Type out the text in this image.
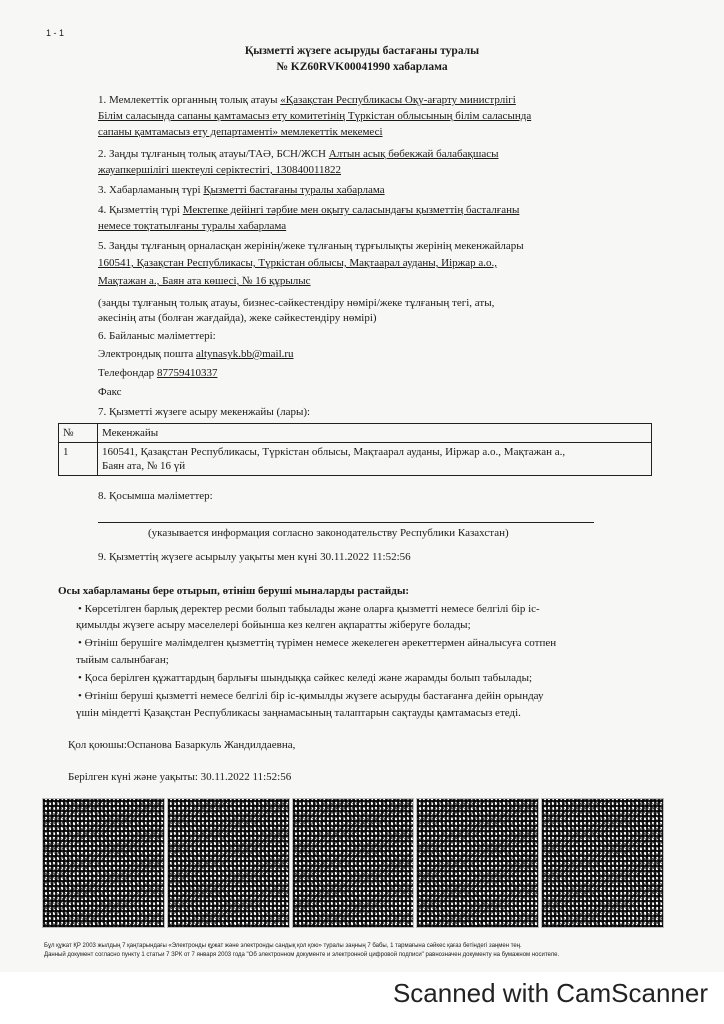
1 - 1
Қызметті жүзеге асыруды бастағаны туралы
№ KZ60RVK00041990 хабарлама
1. Мемлекеттік органның толық атауы «Қазақстан Республикасы Оқу-ағарту министрлігі
Білім саласында сапаны қамтамасыз ету комитетінің Түркістан облысының білім саласында
сапаны қамтамасыз ету департаменті» мемлекеттік мекемесі
2. Заңды тұлғаның толық атауы/ТАӘ, БСН/ЖСН Алтын асық бөбекжай балабақшасы
жауапкершілігі шектеулі серіктестігі, 130840011822
3. Хабарламаның түрі Қызметті бастағаны туралы хабарлама
4. Қызметтің түрі Мектепке дейінгі тәрбие мен оқыту саласындағы қызметтің басталғаны
немесе тоқтатылғаны туралы хабарлама
5. Заңды тұлғаның орналасқан жерінің/жеке тұлғаның тұрғылықты жерінің мекенжайлары
160541, Қазақстан Республикасы, Түркістан облысы, Мақтаарал ауданы, Иіржар а.о.,
Мақтажан а., Баян ата көшесі, № 16 құрылыс
(заңды тұлғаның толық атауы, бизнес-сәйкестендіру нөмірі/жеке тұлғаның тегі, аты,
әкесінің аты (болған жағдайда), жеке сәйкестендіру нөмірі)
6. Байланыс мәліметтері:
Электрондық пошта altynasyk.bb@mail.ru
Телефондар 87759410337
Факс
7. Қызметті жүзеге асыру мекенжайы (лары):
№	Мекенжайы
1	160541, Қазақстан Республикасы, Түркістан облысы, Мақтаарал ауданы, Иіржар а.о., Мақтажан а.,
Баян ата, № 16 үй
8. Қосымша мәліметтер:
(указывается информация согласно законодательству Республики Казахстан)
9. Қызметтің жүзеге асырылу уақыты мен күні 30.11.2022 11:52:56
Осы хабарламаны бере отырып, өтініш беруші мыналарды растайды:
• Көрсетілген барлық деректер ресми болып табылады және оларға қызметті немесе белгілі бір іс-
қимылды жүзеге асыру мәселелері бойынша кез келген ақпаратты жіберуге болады;
• Өтініш берушіге мәлімделген қызметтің түрімен немесе жекелеген әрекеттермен айналысуға сотпен
тыйым салынбаған;
• Қоса берілген құжаттардың барлығы шындыққа сәйкес келеді және жарамды болып табылады;
• Өтініш беруші қызметті немесе белгілі бір іс-қимылды жүзеге асыруды бастағанға дейін орындау
үшін міндетті Қазақстан Республикасы заңнамасының талаптарын сақтауды қамтамасыз етеді.
Қол қоюшы:Оспанова Базаркуль Жандилдаевна,
Берілген күні және уақыты: 30.11.2022 11:52:56
Бұл құжат ҚР 2003 жылдың 7 қаңтарындағы «Электронды құжат және электронды сандық қол қою» туралы заңның 7 бабы, 1 тармағына сәйкес қағаз бетіндегі заңмен тең.
Данный документ согласно пункту 1 статьи 7 ЗРК от 7 января 2003 года "Об электронном документе и электронной цифровой подписи" равнозначен документу на бумажном носителе.
Scanned with CamScanner
